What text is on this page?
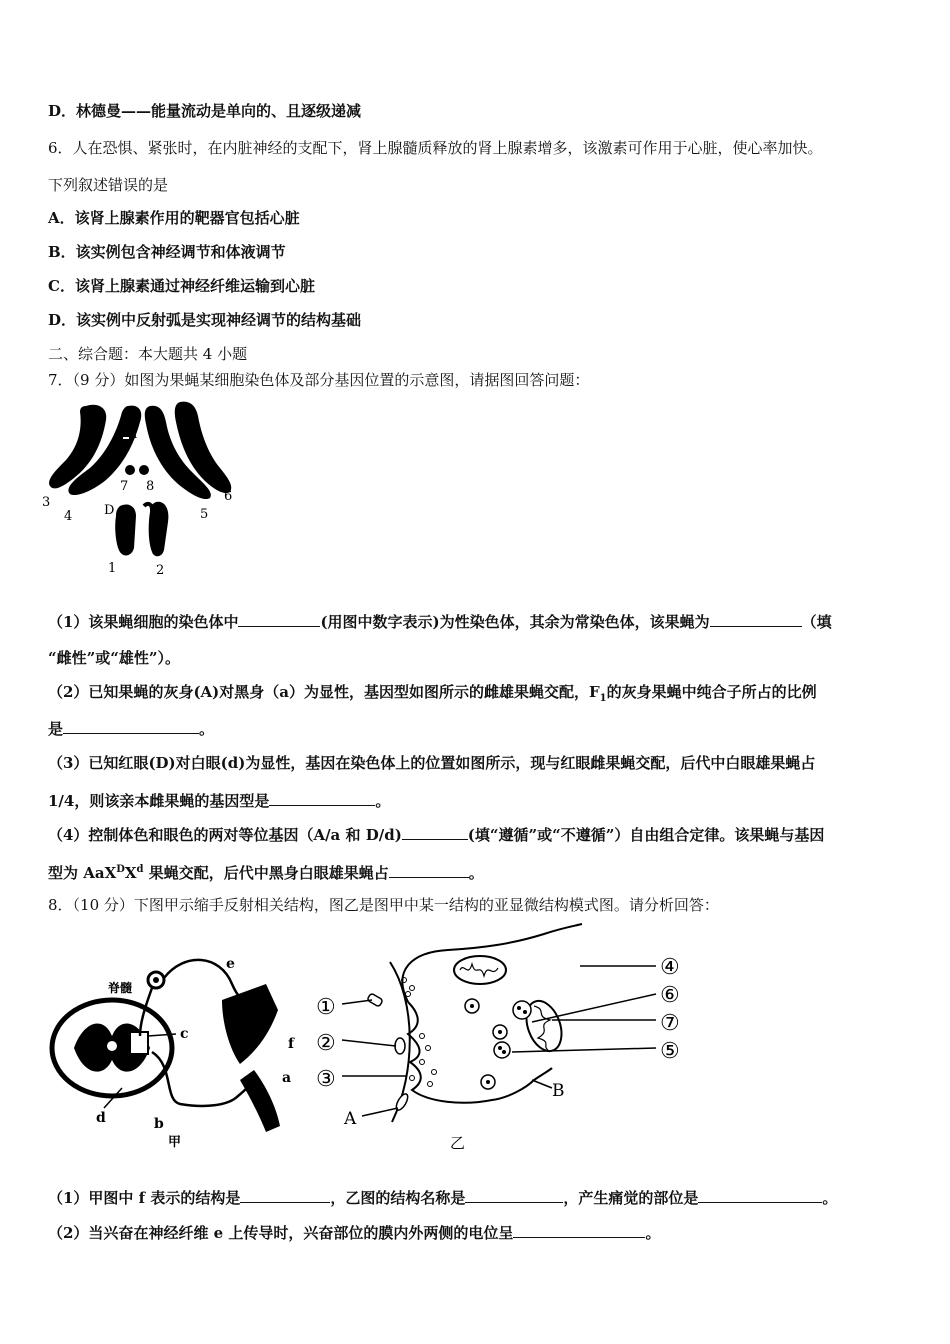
D．林德曼——能量流动是单向的、且逐级递减
6．人在恐惧、紧张时，在内脏神经的支配下，肾上腺髓质释放的肾上腺素增多，该激素可作用于心脏，使心率加快。
下列叙述错误的是
A．该肾上腺素作用的靶器官包括心脏
B．该实例包含神经调节和体液调节
C．该肾上腺素通过神经纤维运输到心脏
D．该实例中反射弧是实现神经调节的结构基础
二、综合题：本大题共 4 小题
7．（9 分）如图为果蝇某细胞染色体及部分基因位置的示意图，请据图回答问题：
A	a
7 8
3
4 D	5
6
1	2
（1）该果蝇细胞的染色体中	(用图中数字表示)为性染色体，其余为常染色体，该果蝇为	（填
“雌性”或“雄性”）。
（2）已知果蝇的灰身(A)对黑身（a）为显性，基因型如图所示的雌雄果蝇交配，$F_1$的灰身果蝇中纯合子所占的比例
是	。
（3）已知红眼(D)对白眼(d)为显性，基因在染色体上的位置如图所示，现与红眼雌果蝇交配，后代中白眼雄果蝇占
1/4，则该亲本雌果蝇的基因型是	。
（4）控制体色和眼色的两对等位基因（A/a 和 D/d)	(填“遵循”或“不遵循”）自由组合定律。该果蝇与基因
型为 $AaX^DX^d$ 果蝇交配，后代中黑身白眼雄果蝇占	。
8．（10 分）下图甲示缩手反射相关结构，图乙是图甲中某一结构的亚显微结构模式图。请分析回答：
脊髓
e
c
f
a
d	b
甲
①
②
③
④
⑥
⑦
⑤
A
B
乙
（1）甲图中 f 表示的结构是	，乙图的结构名称是	，产生痛觉的部位是	。
（2）当兴奋在神经纤维 e 上传导时，兴奋部位的膜内外两侧的电位呈	。
